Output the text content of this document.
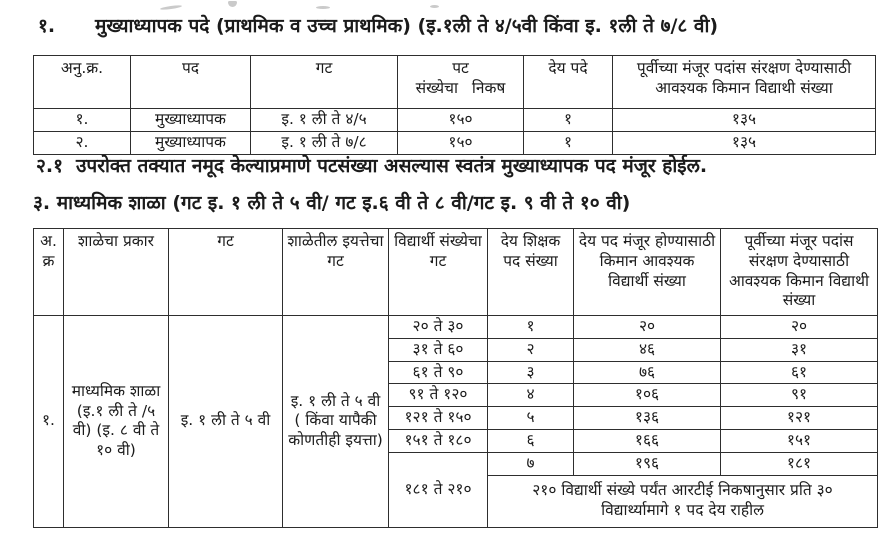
१. मुख्याध्यापक पदे (प्राथमिक व उच्च प्राथमिक) (इ.१ली ते ४/५वी किंवा इ. १ली ते ७/८ वी)
अनु.क्र.	पद	गट	पट
संख्येचा निकष	देय पदे	पूर्वीच्या मंजूर पदांस संरक्षण देण्यासाठी आवश्यक किमान विद्याथी संख्या
१.	मुख्याध्यापक	इ. १ ली ते ४/५	१५०	१	१३५
२.	मुख्याध्यापक	इ. १ ली ते ७/८	१५०	१	१३५
२.१ उपरोक्त तक्यात नमूद केल्याप्रमाणे पटसंख्या असल्यास स्वतंत्र मुख्याध्यापक पद मंजूर होईल.
३. माध्यमिक शाळा (गट इ. १ ली ते ५ वी/ गट इ.६ वी ते ८ वी/गट इ. ९ वी ते १० वी)
अ.
क्र	शाळेचा प्रकार	गट	शाळेतील इयत्तेचा गट	विद्यार्थी संख्येचा गट	देय शिक्षक पद संख्या	देय पद मंजूर होण्यासाठी किमान आवश्यक विद्यार्थी संख्या	पूर्वीच्या मंजूर पदांस संरक्षण देण्यासाठी आवश्यक किमान विद्याथी संख्या
१.	माध्यमिक शाळा (इ.१ ली ते /५ वी) (इ. ८ वी ते १० वी)	इ. १ ली ते ५ वी	इ. १ ली ते ५ वी ( किंवा यापैकी कोणतीही इयत्ता)	२० ते ३०	१	२०	२०
				३१ ते ६०	२	४६	३१
				६१ ते ९०	३	७६	६१
				९१ ते १२०	४	१०६	९१
				१२१ ते १५०	५	१३६	१२१
				१५१ ते १८०	६	१६६	१५१
				१८१ ते २१०	७	१९६	१८१
					२१० विद्यार्थी संख्ये पर्यंत आरटीई निकषानुसार प्रति ३० विद्यार्थ्यामागे १ पद देय राहील		
